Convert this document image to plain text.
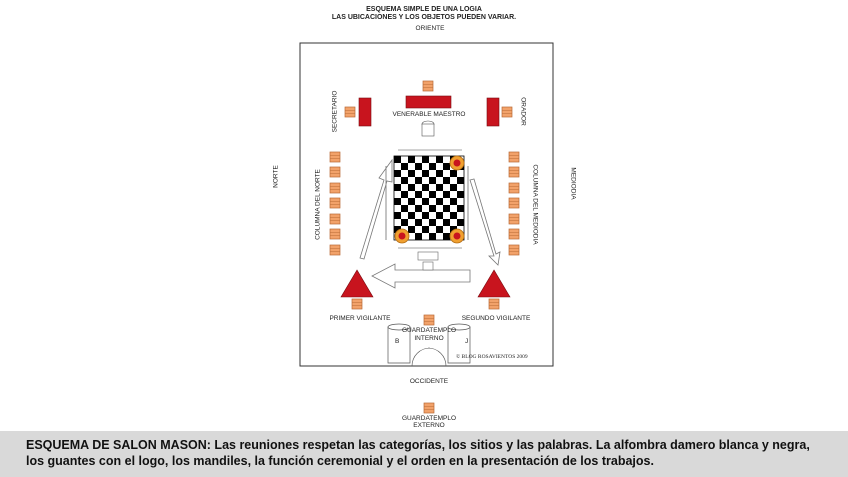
ESQUEMA SIMPLE DE UNA LOGIA
LAS UBICACIONES Y LOS OBJETOS PUEDEN VARIAR.
ORIENTE
VENERABLE MAESTRO
SECRETARIO	ORADOR
COLUMNA DEL NORTE	COLUMNA DEL MEDIODIA
NORTE	MEDIODIA
PRIMER VIGILANTE	SEGUNDO VIGILANTE
GUARDATEMPLO
INTERNO
B	J
© BLOG ROSAVIENTOS 2009
OCCIDENTE
GUARDATEMPLO
EXTERNO

ESQUEMA DE SALON MASON: Las reuniones respetan las categorías, los sitios y las palabras. La alfombra damero blanca y negra, los guantes con el logo, los mandiles, la función ceremonial y el orden en la presentación de los trabajos.
